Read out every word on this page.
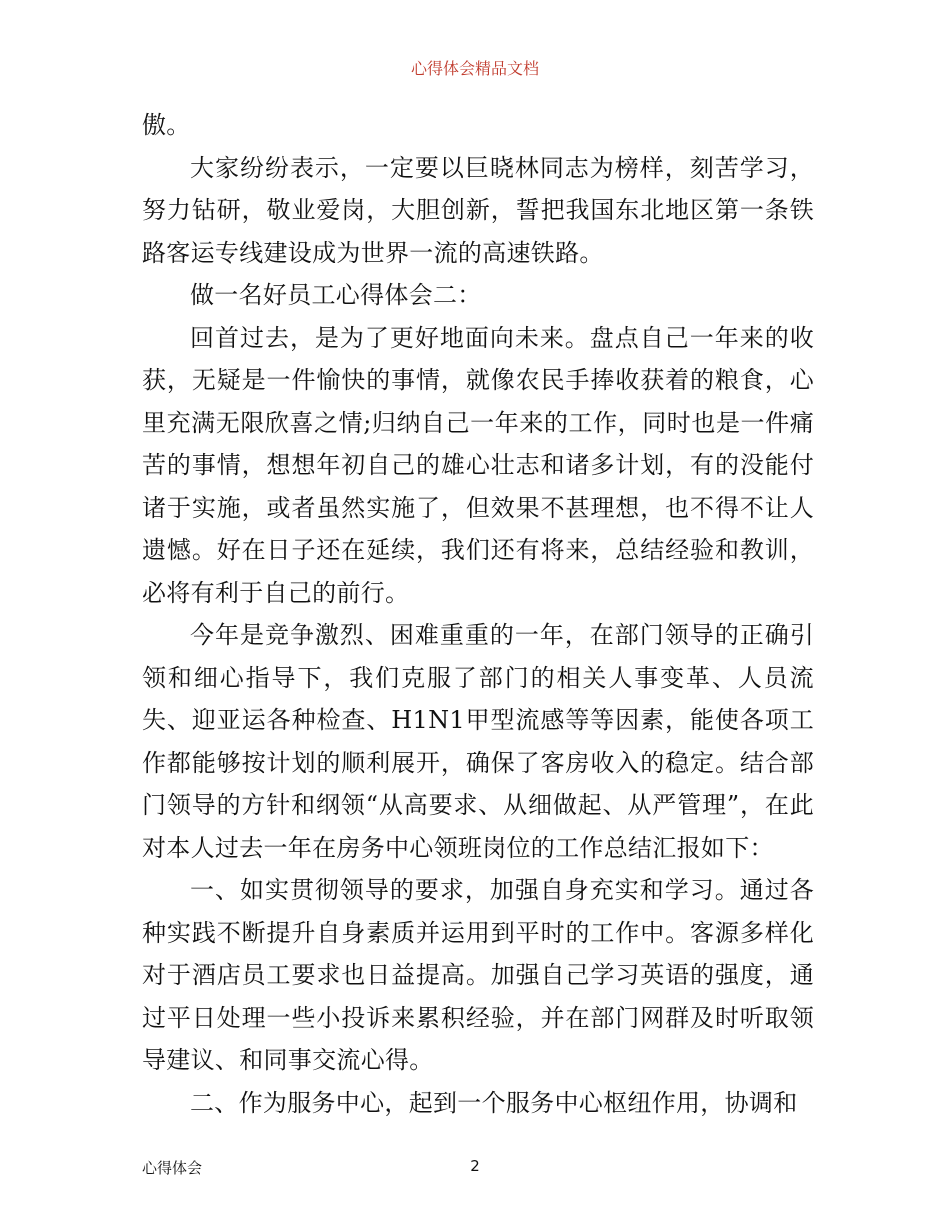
心得体会精品文档

傲。

大家纷纷表示，一定要以巨晓林同志为榜样，刻苦学习，努力钻研，敬业爱岗，大胆创新，誓把我国东北地区第一条铁路客运专线建设成为世界一流的高速铁路。

做一名好员工心得体会二：

回首过去，是为了更好地面向未来。盘点自己一年来的收获，无疑是一件愉快的事情，就像农民手捧收获着的粮食，心里充满无限欣喜之情;归纳自己一年来的工作，同时也是一件痛苦的事情，想想年初自己的雄心壮志和诸多计划，有的没能付诸于实施，或者虽然实施了，但效果不甚理想，也不得不让人遗憾。好在日子还在延续，我们还有将来，总结经验和教训，必将有利于自己的前行。

今年是竞争激烈、困难重重的一年，在部门领导的正确引领和细心指导下，我们克服了部门的相关人事变革、人员流失、迎亚运各种检查、H1N1甲型流感等等因素，能使各项工作都能够按计划的顺利展开，确保了客房收入的稳定。结合部门领导的方针和纲领“从高要求、从细做起、从严管理”，在此对本人过去一年在房务中心领班岗位的工作总结汇报如下：

一、如实贯彻领导的要求，加强自身充实和学习。通过各种实践不断提升自身素质并运用到平时的工作中。客源多样化对于酒店员工要求也日益提高。加强自己学习英语的强度，通过平日处理一些小投诉来累积经验，并在部门网群及时听取领导建议、和同事交流心得。

二、作为服务中心，起到一个服务中心枢纽作用，协调和

心得体会	2
